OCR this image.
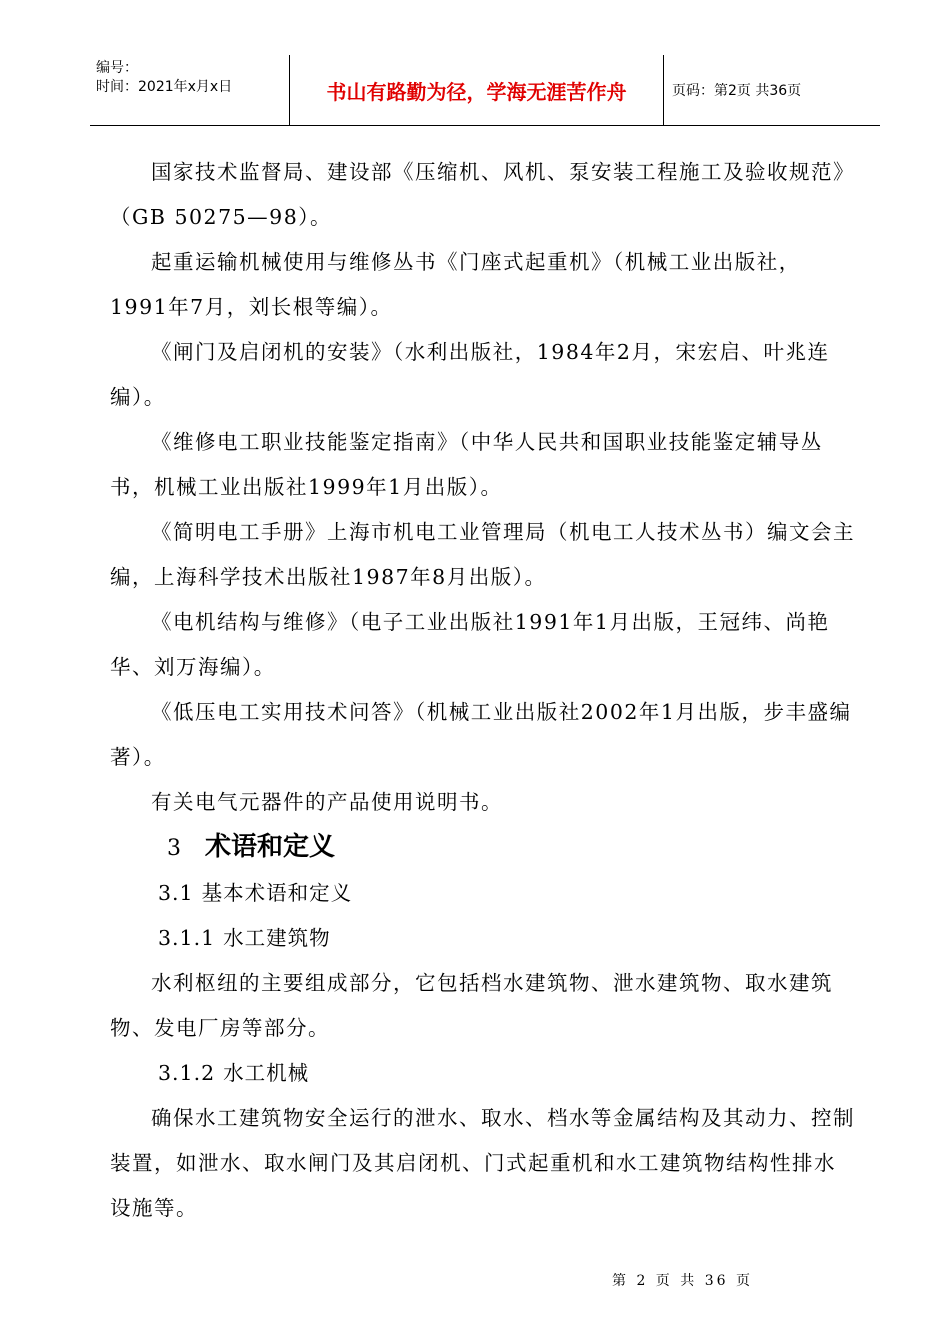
编号：
时间：2021年x月x日	书山有路勤为径，学海无涯苦作舟	页码：第2页 共36页

国家技术监督局、建设部《压缩机、风机、泵安装工程施工及验收规范》（GB 50275—98）。

起重运输机械使用与维修丛书《门座式起重机》（机械工业出版社，1991年7月，刘长根等编）。

《闸门及启闭机的安装》（水利出版社，1984年2月，宋宏启、叶兆连编）。

《维修电工职业技能鉴定指南》（中华人民共和国职业技能鉴定辅导丛书，机械工业出版社1999年1月出版）。

《简明电工手册》上海市机电工业管理局（机电工人技术丛书）编文会主编，上海科学技术出版社1987年8月出版）。

《电机结构与维修》（电子工业出版社1991年1月出版，王冠纬、尚艳华、刘万海编）。

《低压电工实用技术问答》（机械工业出版社2002年1月出版，步丰盛编著）。

有关电气元器件的产品使用说明书。

3 术语和定义

3.1 基本术语和定义

3.1.1 水工建筑物

水利枢纽的主要组成部分，它包括档水建筑物、泄水建筑物、取水建筑物、发电厂房等部分。

3.1.2 水工机械

确保水工建筑物安全运行的泄水、取水、档水等金属结构及其动力、控制装置，如泄水、取水闸门及其启闭机、门式起重机和水工建筑物结构性排水设施等。

第 2 页 共 36 页
